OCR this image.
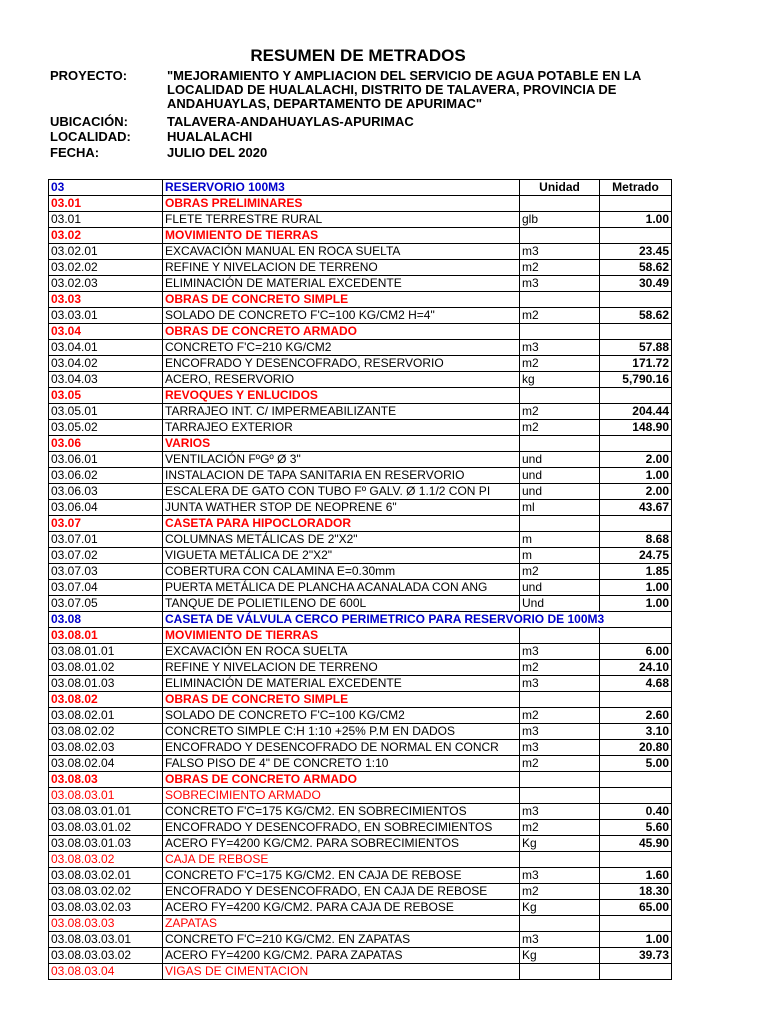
RESUMEN DE METRADOS
PROYECTO:	"MEJORAMIENTO Y AMPLIACION DEL SERVICIO DE AGUA POTABLE EN LA
LOCALIDAD DE HUALALACHI, DISTRITO DE TALAVERA, PROVINCIA DE
ANDAHUAYLAS, DEPARTAMENTO DE APURIMAC"
UBICACIÓN:	TALAVERA-ANDAHUAYLAS-APURIMAC
LOCALIDAD:	HUALALACHI
FECHA:	JULIO DEL 2020
03	RESERVORIO 100M3	Unidad	Metrado
03.01	OBRAS PRELIMINARES		
03.01	FLETE TERRESTRE RURAL	glb	1.00
03.02	MOVIMIENTO DE TIERRAS		
03.02.01	EXCAVACIÓN MANUAL EN ROCA SUELTA	m3	23.45
03.02.02	REFINE Y NIVELACION DE TERRENO	m2	58.62
03.02.03	ELIMINACIÓN DE MATERIAL EXCEDENTE	m3	30.49
03.03	OBRAS DE CONCRETO SIMPLE		
03.03.01	SOLADO DE CONCRETO F'C=100 KG/CM2 H=4"	m2	58.62
03.04	OBRAS DE CONCRETO ARMADO		
03.04.01	CONCRETO F'C=210 KG/CM2	m3	57.88
03.04.02	ENCOFRADO Y DESENCOFRADO, RESERVORIO	m2	171.72
03.04.03	ACERO, RESERVORIO	kg	5,790.16
03.05	REVOQUES Y ENLUCIDOS		
03.05.01	TARRAJEO INT. C/ IMPERMEABILIZANTE	m2	204.44
03.05.02	TARRAJEO EXTERIOR	m2	148.90
03.06	VARIOS		
03.06.01	VENTILACIÓN FºGº Ø 3"	und	2.00
03.06.02	INSTALACION DE TAPA SANITARIA EN RESERVORIO	und	1.00
03.06.03	ESCALERA DE GATO CON TUBO Fº GALV. Ø 1.1/2 CON PI	und	2.00
03.06.04	JUNTA WATHER STOP DE NEOPRENE 6"	ml	43.67
03.07	CASETA PARA HIPOCLORADOR		
03.07.01	COLUMNAS METÁLICAS DE 2"X2"	m	8.68
03.07.02	VIGUETA METÁLICA DE 2"X2"	m	24.75
03.07.03	COBERTURA CON CALAMINA E=0.30mm	m2	1.85
03.07.04	PUERTA METÁLICA DE PLANCHA ACANALADA CON ANG	und	1.00
03.07.05	TANQUE DE POLIETILENO DE 600L	Und	1.00
03.08	CASETA DE VÁLVULA CERCO PERIMETRICO PARA RESERVORIO DE 100M3		
03.08.01	MOVIMIENTO DE TIERRAS		
03.08.01.01	EXCAVACIÓN EN ROCA SUELTA	m3	6.00
03.08.01.02	REFINE Y NIVELACION DE TERRENO	m2	24.10
03.08.01.03	ELIMINACIÓN DE MATERIAL EXCEDENTE	m3	4.68
03.08.02	OBRAS DE CONCRETO SIMPLE		
03.08.02.01	SOLADO DE CONCRETO F'C=100 KG/CM2	m2	2.60
03.08.02.02	CONCRETO SIMPLE C:H 1:10 +25% P.M EN DADOS	m3	3.10
03.08.02.03	ENCOFRADO Y DESENCOFRADO DE NORMAL EN CONCR	m3	20.80
03.08.02.04	FALSO PISO DE 4" DE CONCRETO 1:10	m2	5.00
03.08.03	OBRAS DE CONCRETO ARMADO		
03.08.03.01	SOBRECIMIENTO ARMADO		
03.08.03.01.01	CONCRETO F'C=175 KG/CM2. EN SOBRECIMIENTOS	m3	0.40
03.08.03.01.02	ENCOFRADO Y DESENCOFRADO, EN SOBRECIMIENTOS	m2	5.60
03.08.03.01.03	ACERO FY=4200 KG/CM2. PARA SOBRECIMIENTOS	Kg	45.90
03.08.03.02	CAJA DE REBOSE		
03.08.03.02.01	CONCRETO F'C=175 KG/CM2. EN CAJA DE REBOSE	m3	1.60
03.08.03.02.02	ENCOFRADO Y DESENCOFRADO, EN CAJA DE REBOSE	m2	18.30
03.08.03.02.03	ACERO FY=4200 KG/CM2. PARA CAJA DE REBOSE	Kg	65.00
03.08.03.03	ZAPATAS		
03.08.03.03.01	CONCRETO F'C=210 KG/CM2. EN ZAPATAS	m3	1.00
03.08.03.03.02	ACERO FY=4200 KG/CM2. PARA ZAPATAS	Kg	39.73
03.08.03.04	VIGAS DE CIMENTACION		
